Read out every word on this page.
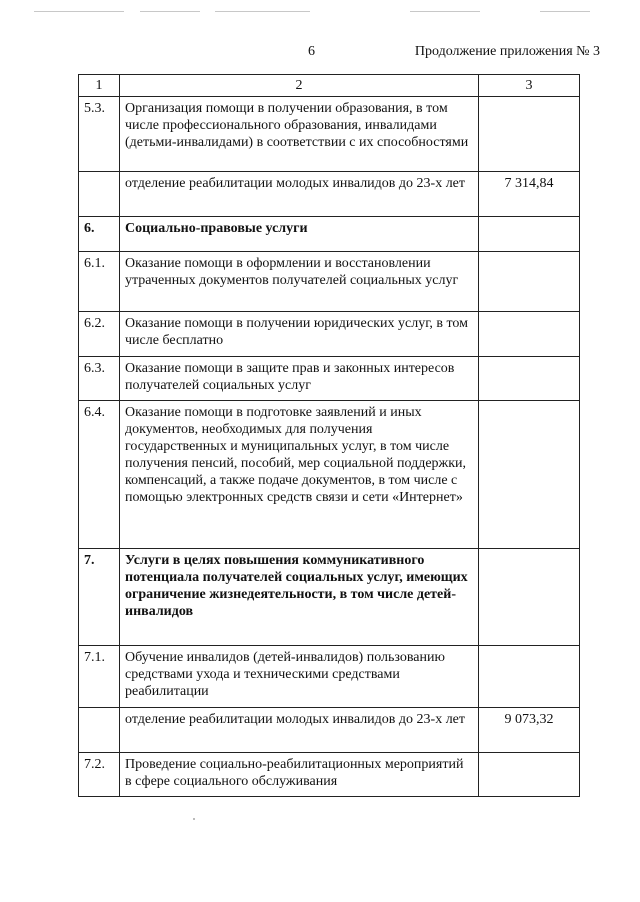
6	Продолжение приложения № 3
1	2	3
5.3.	Организация помощи в получении образования, в том числе профессионального образования, инвалидами (детьми-инвалидами) в соответствии с их способностями	
	отделение реабилитации молодых инвалидов до 23-х лет	7 314,84
6.	Социально-правовые услуги	
6.1.	Оказание помощи в оформлении и восстановлении утраченных документов получателей социальных услуг	
6.2.	Оказание помощи в получении юридических услуг, в том числе бесплатно	
6.3.	Оказание помощи в защите прав и законных интересов получателей социальных услуг	
6.4.	Оказание помощи в подготовке заявлений и иных документов, необходимых для получения государственных и муниципальных услуг, в том числе получения пенсий, пособий, мер социальной поддержки, компенсаций, а также подаче документов, в том числе с помощью электронных средств связи и сети «Интернет»	
7.	Услуги в целях повышения коммуникативного потенциала получателей социальных услуг, имеющих ограничение жизнедеятельности, в том числе детей-инвалидов	
7.1.	Обучение инвалидов (детей-инвалидов) пользованию средствами ухода и техническими средствами реабилитации	
	отделение реабилитации молодых инвалидов до 23-х лет	9 073,32
7.2.	Проведение социально-реабилитационных мероприятий в сфере социального обслуживания	
